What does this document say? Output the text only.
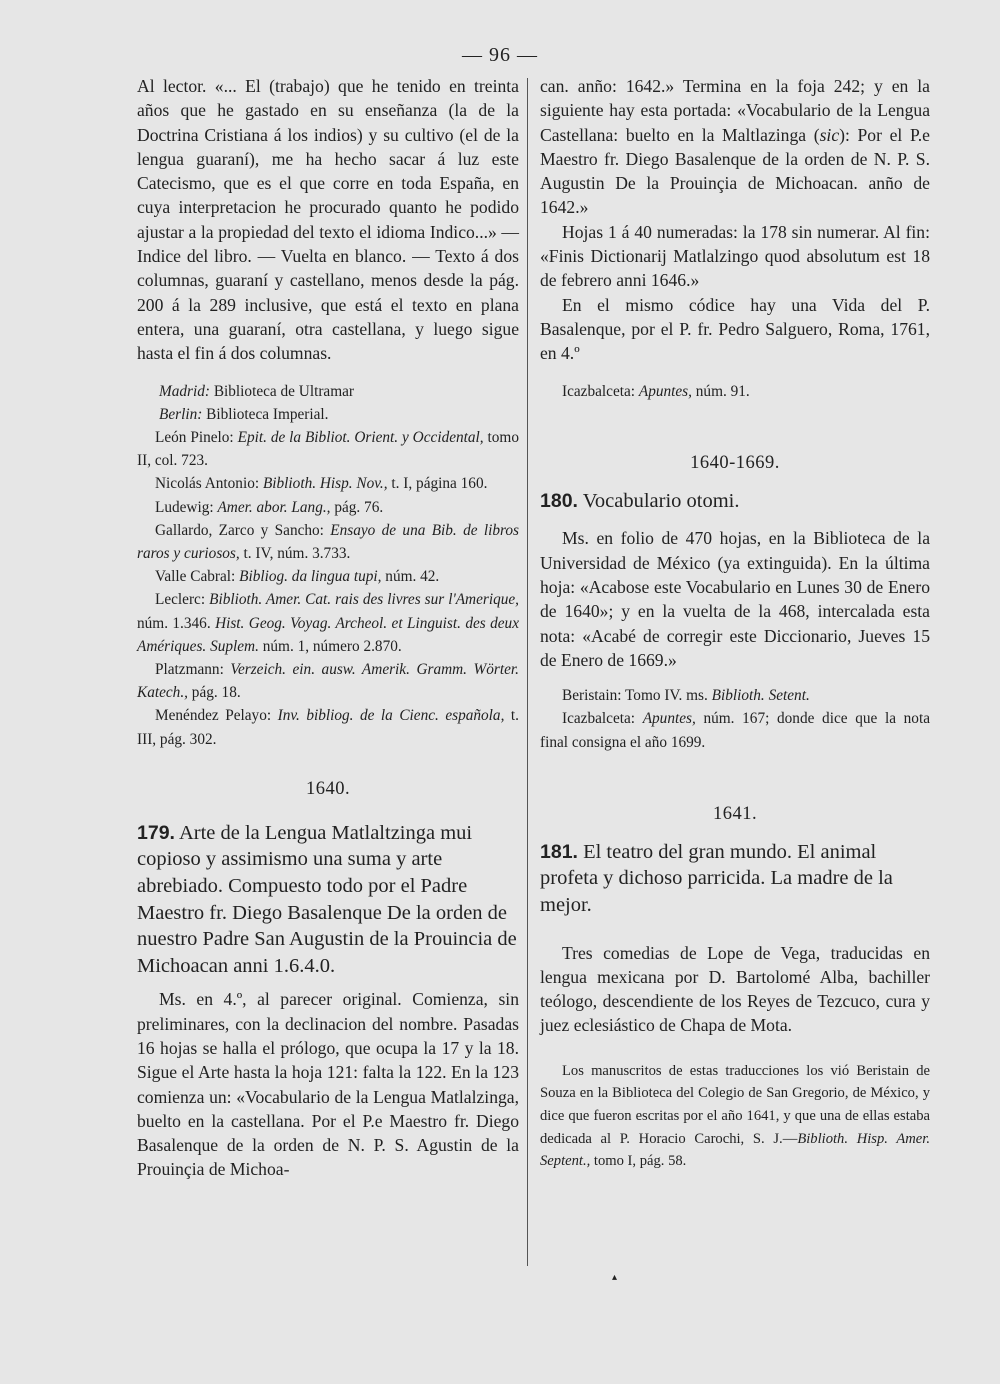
— 96 —

Al lector. «... El (trabajo) que he tenido en treinta años que he gastado en su enseñanza (la de la Doctrina Cristiana á los indios) y su cultivo (el de la lengua guaraní), me ha hecho sacar á luz este Catecismo, que es el que corre en toda España, en cuya interpretacion he procurado quanto he podido ajustar a la propiedad del texto el idioma Indico...» — Indice del libro. — Vuelta en blanco. — Texto á dos columnas, guaraní y castellano, menos desde la pág. 200 á la 289 inclusive, que está el texto en plana entera, una guaraní, otra castellana, y luego sigue hasta el fin á dos columnas.

Madrid: Biblioteca de Ultramar

Berlin: Biblioteca Imperial.

León Pinelo: Epit. de la Bibliot. Orient. y Occidental, tomo II, col. 723.

Nicolás Antonio: Biblioth. Hisp. Nov., t. I, página 160.

Ludewig: Amer. abor. Lang., pág. 76.

Gallardo, Zarco y Sancho: Ensayo de una Bib. de libros raros y curiosos, t. IV, núm. 3.733.

Valle Cabral: Bibliog. da lingua tupi, núm. 42.

Leclerc: Biblioth. Amer. Cat. rais des livres sur l'Amerique, núm. 1.346. Hist. Geog. Voyag. Archeol. et Linguist. des deux Amériques. Suplem. núm. 1, número 2.870.

Platzmann: Verzeich. ein. ausw. Amerik. Gramm. Wörter. Katech., pág. 18.

Menéndez Pelayo: Inv. bibliog. de la Cienc. española, t. III, pág. 302.

1640.

179. Arte de la Lengua Matlaltzinga mui copioso y assimismo una suma y arte abrebiado. Compuesto todo por el Padre Maestro fr. Diego Basalenque De la orden de nuestro Padre San Augustin de la Prouincia de Michoacan anni 1.6.4.0.

Ms. en 4.º, al parecer original. Comienza, sin preliminares, con la declinacion del nombre. Pasadas 16 hojas se halla el prólogo, que ocupa la 17 y la 18. Sigue el Arte hasta la hoja 121: falta la 122. En la 123 comienza un: «Vocabulario de la Lengua Matlalzinga, buelto en la castellana. Por el P.e Maestro fr. Diego Basalenque de la orden de N. P. S. Agustin de la Prouinçia de Michoa-

can. anño: 1642.» Termina en la foja 242; y en la siguiente hay esta portada: «Vocabulario de la Lengua Castellana: buelto en la Maltlazinga (sic): Por el P.e Maestro fr. Diego Basalenque de la orden de N. P. S. Augustin De la Prouinçia de Michoacan. anño de 1642.»

Hojas 1 á 40 numeradas: la 178 sin numerar. Al fin: «Finis Dictionarij Matlalzingo quod absolutum est 18 de febrero anni 1646.»

En el mismo códice hay una Vida del P. Basalenque, por el P. fr. Pedro Salguero, Roma, 1761, en 4.º

Icazbalceta: Apuntes, núm. 91.

1640-1669.

180. Vocabulario otomi.

Ms. en folio de 470 hojas, en la Biblioteca de la Universidad de México (ya extinguida). En la última hoja: «Acabose este Vocabulario en Lunes 30 de Enero de 1640»; y en la vuelta de la 468, intercalada esta nota: «Acabé de corregir este Diccionario, Jueves 15 de Enero de 1669.»

Beristain: Tomo IV. ms. Biblioth. Setent.

Icazbalceta: Apuntes, núm. 167; donde dice que la nota final consigna el año 1699.

1641.

181. El teatro del gran mundo. El animal profeta y dichoso parricida. La madre de la mejor.

Tres comedias de Lope de Vega, traducidas en lengua mexicana por D. Bartolomé Alba, bachiller teólogo, descendiente de los Reyes de Tezcuco, cura y juez eclesiástico de Chapa de Mota.

Los manuscritos de estas traducciones los vió Beristain de Souza en la Biblioteca del Colegio de San Gregorio, de México, y dice que fueron escritas por el año 1641, y que una de ellas estaba dedicada al P. Horacio Carochi, S. J.—Biblioth. Hisp. Amer. Septent., tomo I, pág. 58.

▴
